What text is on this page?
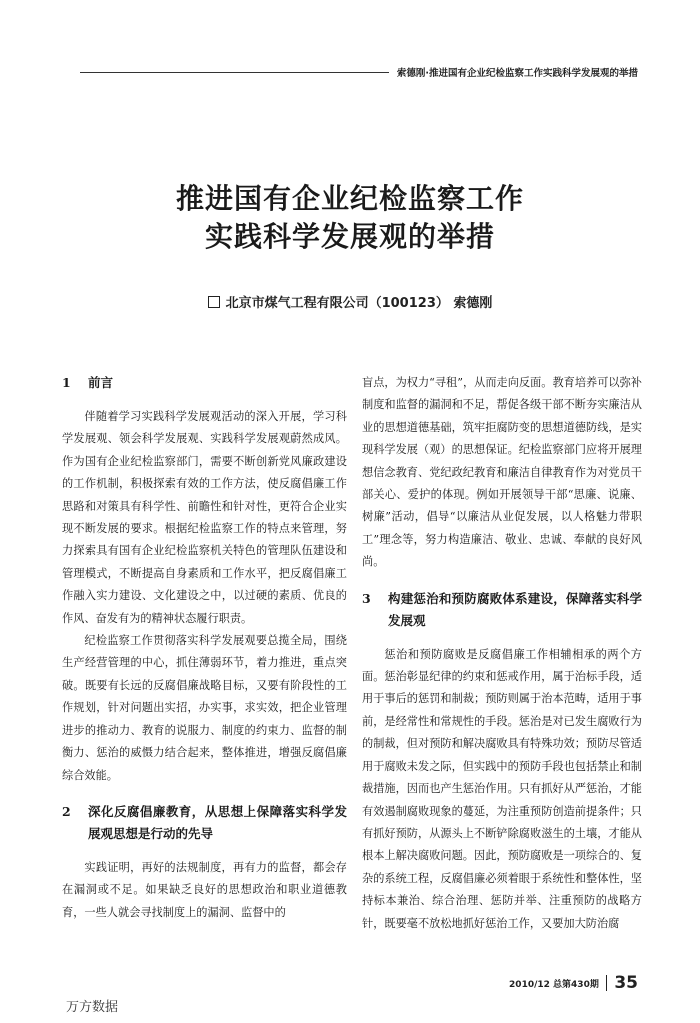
索德刚·推进国有企业纪检监察工作实践科学发展观的举措
推进国有企业纪检监察工作
实践科学发展观的举措
北京市煤气工程有限公司（100123） 索德刚
1	前言

伴随着学习实践科学发展观活动的深入开展，学习科学发展观、领会科学发展观、实践科学发展观蔚然成风。作为国有企业纪检监察部门，需要不断创新党风廉政建设的工作机制，积极探索有效的工作方法，使反腐倡廉工作思路和对策具有科学性、前瞻性和针对性，更符合企业实现不断发展的要求。根据纪检监察工作的特点来管理，努力探索具有国有企业纪检监察机关特色的管理队伍建设和管理模式，不断提高自身素质和工作水平，把反腐倡廉工作融入实力建设、文化建设之中，以过硬的素质、优良的作风、奋发有为的精神状态履行职责。

纪检监察工作贯彻落实科学发展观要总揽全局，围绕生产经营管理的中心，抓住薄弱环节，着力推进，重点突破。既要有长远的反腐倡廉战略目标，又要有阶段性的工作规划，针对问题出实招，办实事，求实效，把企业管理进步的推动力、教育的说服力、制度的约束力、监督的制衡力、惩治的威慑力结合起来，整体推进，增强反腐倡廉综合效能。

2	深化反腐倡廉教育，从思想上保障落实科学发展观思想是行动的先导

实践证明，再好的法规制度，再有力的监督，都会存在漏洞或不足。如果缺乏良好的思想政治和职业道德教育，一些人就会寻找制度上的漏洞、监督中的

盲点，为权力“寻租”，从而走向反面。教育培养可以弥补制度和监督的漏洞和不足，帮促各级干部不断夯实廉洁从业的思想道德基础，筑牢拒腐防变的思想道德防线，是实现科学发展（观）的思想保证。纪检监察部门应将开展理想信念教育、党纪政纪教育和廉洁自律教育作为对党员干部关心、爱护的体现。例如开展领导干部“思廉、说廉、树廉”活动，倡导“以廉洁从业促发展，以人格魅力带职工”理念等，努力构造廉洁、敬业、忠诚、奉献的良好风尚。

3	构建惩治和预防腐败体系建设，保障落实科学发展观

惩治和预防腐败是反腐倡廉工作相辅相承的两个方面。惩治彰显纪律的约束和惩戒作用，属于治标手段，适用于事后的惩罚和制裁；预防则属于治本范畴，适用于事前，是经常性和常规性的手段。惩治是对已发生腐败行为的制裁，但对预防和解决腐败具有特殊功效；预防尽管适用于腐败未发之际，但实践中的预防手段也包括禁止和制裁措施，因而也产生惩治作用。只有抓好从严惩治，才能有效遏制腐败现象的蔓延，为注重预防创造前提条件；只有抓好预防，从源头上不断铲除腐败滋生的土壤，才能从根本上解决腐败问题。因此，预防腐败是一项综合的、复杂的系统工程，反腐倡廉必须着眼于系统性和整体性，坚持标本兼治、综合治理、惩防并举、注重预防的战略方针，既要毫不放松地抓好惩治工作，又要加大防治腐

2010/12 总第430期 35
万方数据
